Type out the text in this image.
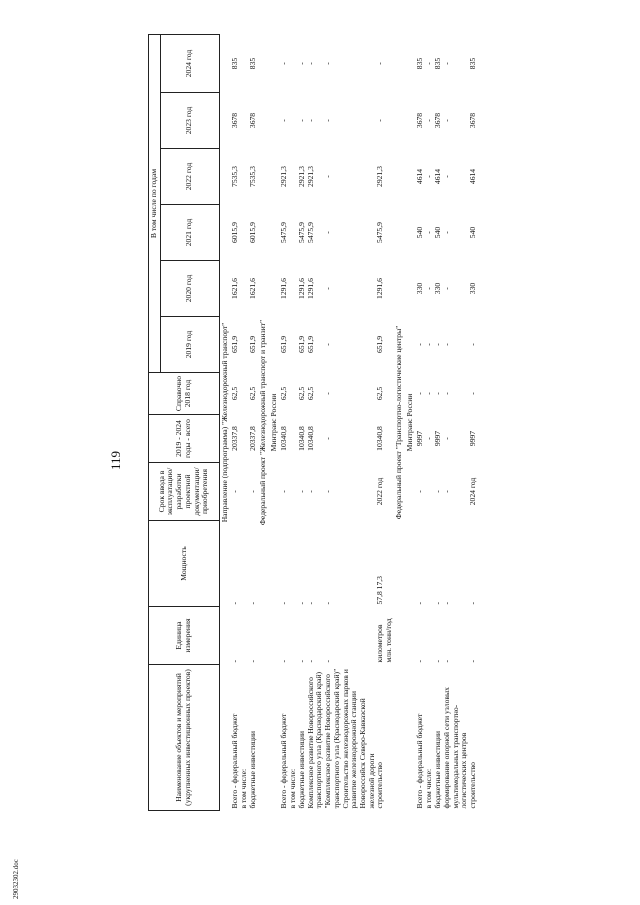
119
29032302.doc
Наименование объектов и мероприятий (укрупненных инвестиционных проектов)	Единица измерения	Мощность	Срок ввода в эксплуатацию/ разработки проектной документации/ приобретения	2019 - 2024 годы - всего	Справочно 2018 год	В том числе по годам					
						2019 год	2020 год	2021 год	2022 год	2023 год	2024 год
Направление (подпрограмма) "Железнодорожный транспорт"											
Всего - федеральный бюджет	-	-	-	20337,8	62,5	651,9	1621,6	6015,9	7535,3	3678	835
в том числе:											
бюджетные инвестиции	-	-	-	20337,8	62,5	651,9	1621,6	6015,9	7535,3	3678	835
Федеральный проект "Железнодорожный транспорт и транзит"											
Минтранс России											
Всего - федеральный бюджет	-	-	-	10340,8	62,5	651,9	1291,6	5475,9	2921,3	-	-
в том числе:											
бюджетные инвестиции	-	-	-	10340,8	62,5	651,9	1291,6	5475,9	2921,3	-	-
Комплексное развитие Новороссийского транспортного узла (Краснодарский край)	-	-	-	10340,8	62,5	651,9	1291,6	5475,9	2921,3	-	-
"Комплексное развитие Новороссийского транспортного узла (Краснодарский край)" Строительство железнодорожных парков и развитие железнодорожной станции Новороссийск Северо-Кавказской железной дороги	-	-	-	-	-	-	-	-	-	-	-
строительство	километров млн. тонн/год	57,8 17,3	2022 год	10340,8	62,5	651,9	1291,6	5475,9	2921,3	-	-
Федеральный проект "Транспортно-логистические центры"											
Минтранс России											
Всего - федеральный бюджет	-	-	-	9997	-	-	330	540	4614	3678	835
в том числе:				-	-	-	-	-	-	-	-
бюджетные инвестиции	-	-	-	9997	-	-	330	540	4614	3678	835
формирование опорной сети узловых мультимодальных транспортно-логистических центров	-	-	-	-	-	-	-	-	-	-	-
строительство	-	-	2024 год	9997	-	-	330	540	4614	3678	835
